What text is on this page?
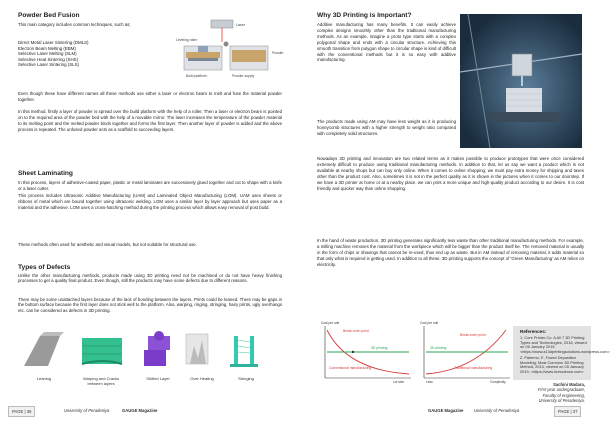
Powder Bed Fusion

This main category includes common techniques, such as;

Direct Metal Laser Sintering (DMLS)
Electron Beam Melting (EBM)
Selective Laser Melting (SLM)
Selective Heat Sintering (SHS)
Selective Laser Sintering (SLS)
Laser
Leveling roller
Powder
Build platform	Powder supply

Even though these have different names all these methods use either a laser or electron beam to melt and fuse the material powder together.

In this method, firstly a layer of powder is spread over the build platform with the help of a roller. Then a laser or electron beam is pointed on to the required area of the powder bed with the help of a movable mirror. The laser increases the temperature of the powder material to its melting point and the melted powder binds together and forms the first layer. Then another layer of powder is added and the above process is repeated. The unfused powder acts as a scaffold to succeeding layers.

Sheet Laminating

In this process, layers of adhesive-coated paper, plastic or metal laminates are successively glued together and cut to shape with a knife or a laser cutter.

This process includes Ultrasonic Additive Manufacturing (UAM) and Laminated Object Manufacturing (LOM). UAM uses sheets or ribbons of metal which are bound together using ultrasonic welding. LOM uses a similar layer by layer approach but uses paper as a material and the adhesive. LOM uses a cross-hatching method during the printing process which allows easy removal of post build.

These methods often used for aesthetic and visual models, but not suitable for structural use.

Types of Defects

Unlike the other manufacturing methods, products made using 3D printing need not be machined or do not have heavy finishing processes to get a quality final product. Even though, still the products may have some defects due to different reasons.

There may be some unattached layers because of the lack of bonding between the layers. Prints could be leaned. There may be gaps in the bottom surface because the first layer does not stick well to the platform. Also, warping, ringing, stringing, hairy prints, ugly overhangs etc. can be considered as defects in 3D printing.

Leaning	Warping and Cracks between layers
Shifted Layer	Over Heating	Stringing
PAGE | 36	University of Peradeniya	GAUGE Magazine
Why 3D Printing is Important?

Additive manufacturing has many benefits. It can easily achieve complex designs smoothly other than the traditional manufacturing methods. As an example, imagine a proto type starts with a complex polygonal shape and ends with a circular structure. Achieving this smooth transition from polygon shape to circular shape is kind of difficult with the conventional methods but it is so easy with additive manufacturing.

The products made using AM may have less weight as it is producing honeycomb structures with a higher strength to weight ratio compared with completely solid structures.

Nowadays 3D printing and innovation are two related terms as it makes possible to produce prototypes that were once considered extremely difficult to produce using traditional manufacturing methods. In addition to that, let us say we want a product which is not available at nearby shops but can buy only online. When it comes to online shopping, we must pay extra money for shipping and taxes other than the product cost. Also, sometimes it is not in the perfect quality as it is shown in the pictures when it comes to our doorstep. If we have a 3D printer at home or at a nearby place, we can print a more unique and high-quality product according to our desire. It is cost friendly and quicker way than online shopping.

In the hand of waste production, 3D printing generates significantly less waste than other traditional manufacturing methods. For example, a milling machine removes the material from the workpiece which will be bigger than the product itself be. The removed material is usually in the form of chips or shavings that cannot be re-used, thus end up as waste. But in AM instead of removing material, it adds material so that only what is required is getting used. In addition to all these, 3D printing supports the concept of 'Green Manufacturing' as AM relies on electricity.

Break-even point
3D printing
Conventional manufacturing
Cost per unit
Lot size
Break-even point
3D printing
Traditional manufacturing
Cost per unit
Complexity
Less
References:
1. Core Printer Co. A All 7 3D Printing Types and Technologies, 2016, viewed on 05 January 2019, <https://www.a13dprintingsolutions.wordpress.com>
2. Palermo, E, Fused Deposition Modeling: Most Common 3D Printing Method, 2013, viewed on 05 January 2019, <https://www.livescience.com>
Sachini Madara,
First year undergraduate,
Faculty of engineering,
University of Peradeniya.
GAUGE Magazine	University of Peradeniya	PAGE | 37
